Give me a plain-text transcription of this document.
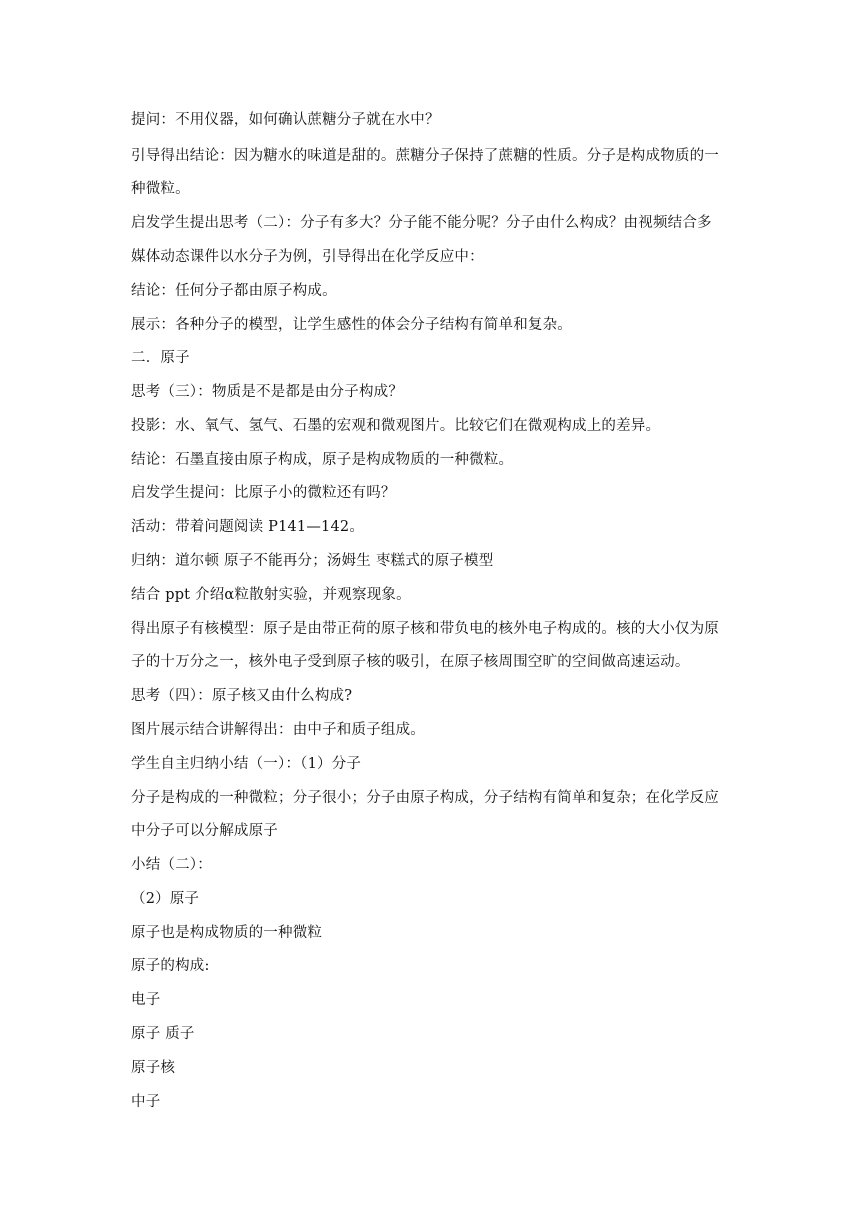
提问：不用仪器，如何确认蔗糖分子就在水中？
引导得出结论：因为糖水的味道是甜的。蔗糖分子保持了蔗糖的性质。分子是构成物质的一
种微粒。
启发学生提出思考（二）：分子有多大？分子能不能分呢？分子由什么构成？由视频结合多
媒体动态课件以水分子为例，引导得出在化学反应中：
结论：任何分子都由原子构成。
展示：各种分子的模型，让学生感性的体会分子结构有简单和复杂。
二．原子
思考（三）：物质是不是都是由分子构成？
投影：水、氧气、氢气、石墨的宏观和微观图片。比较它们在微观构成上的差异。
结论：石墨直接由原子构成，原子是构成物质的一种微粒。
启发学生提问：比原子小的微粒还有吗？
活动：带着问题阅读 P141—142。
归纳：道尔顿 原子不能再分；汤姆生 枣糕式的原子模型
结合 ppt 介绍α粒散射实验，并观察现象。
得出原子有核模型：原子是由带正荷的原子核和带负电的核外电子构成的。核的大小仅为原
子的十万分之一，核外电子受到原子核的吸引，在原子核周围空旷的空间做高速运动。
思考（四）：原子核又由什么构成?
图片展示结合讲解得出：由中子和质子组成。
学生自主归纳小结（一）：（1）分子
分子是构成的一种微粒；分子很小；分子由原子构成，分子结构有简单和复杂；在化学反应
中分子可以分解成原子
小结（二）：
（2）原子
原子也是构成物质的一种微粒
原子的构成:
电子
原子 质子
原子核
中子
